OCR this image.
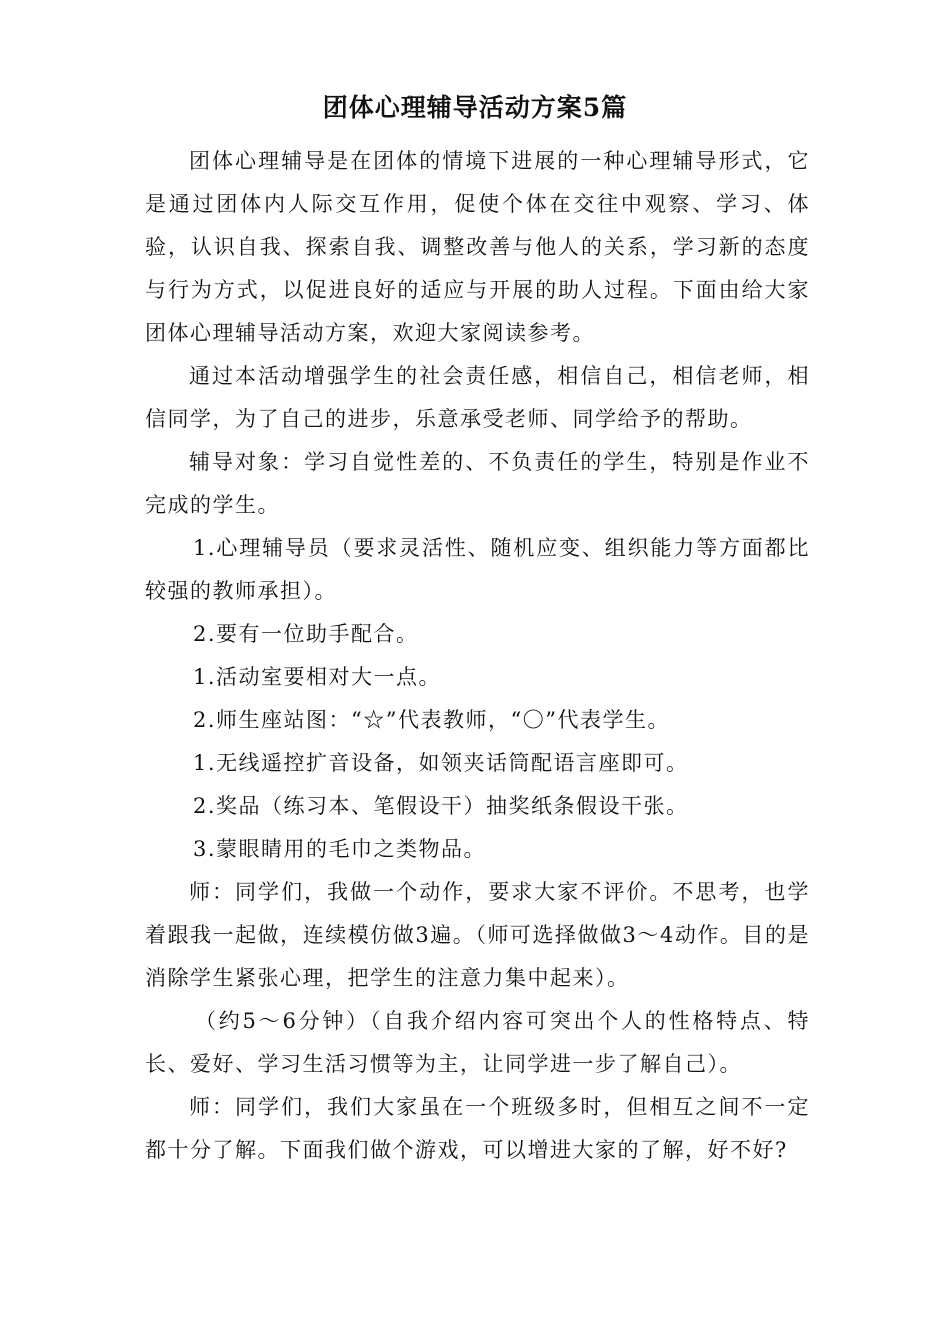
团体心理辅导活动方案5篇

团体心理辅导是在团体的情境下进展的一种心理辅导形式，它是通过团体内人际交互作用，促使个体在交往中观察、学习、体验，认识自我、探索自我、调整改善与他人的关系，学习新的态度与行为方式，以促进良好的适应与开展的助人过程。下面由给大家团体心理辅导活动方案，欢迎大家阅读参考。

通过本活动增强学生的社会责任感，相信自己，相信老师，相信同学，为了自己的进步，乐意承受老师、同学给予的帮助。

辅导对象：学习自觉性差的、不负责任的学生，特别是作业不完成的学生。

1.心理辅导员（要求灵活性、随机应变、组织能力等方面都比较强的教师承担）。

2.要有一位助手配合。

1.活动室要相对大一点。

2.师生座站图：“☆”代表教师，“〇”代表学生。

1.无线遥控扩音设备，如领夹话筒配语言座即可。

2.奖品（练习本、笔假设干）抽奖纸条假设干张。

3.蒙眼睛用的毛巾之类物品。

师：同学们，我做一个动作，要求大家不评价。不思考，也学着跟我一起做，连续模仿做3遍。（师可选择做做3～4动作。目的是消除学生紧张心理，把学生的注意力集中起来）。

（约5～6分钟）（自我介绍内容可突出个人的性格特点、特长、爱好、学习生活习惯等为主，让同学进一步了解自己）。

师：同学们，我们大家虽在一个班级多时，但相互之间不一定都十分了解。下面我们做个游戏，可以增进大家的了解，好不好?
